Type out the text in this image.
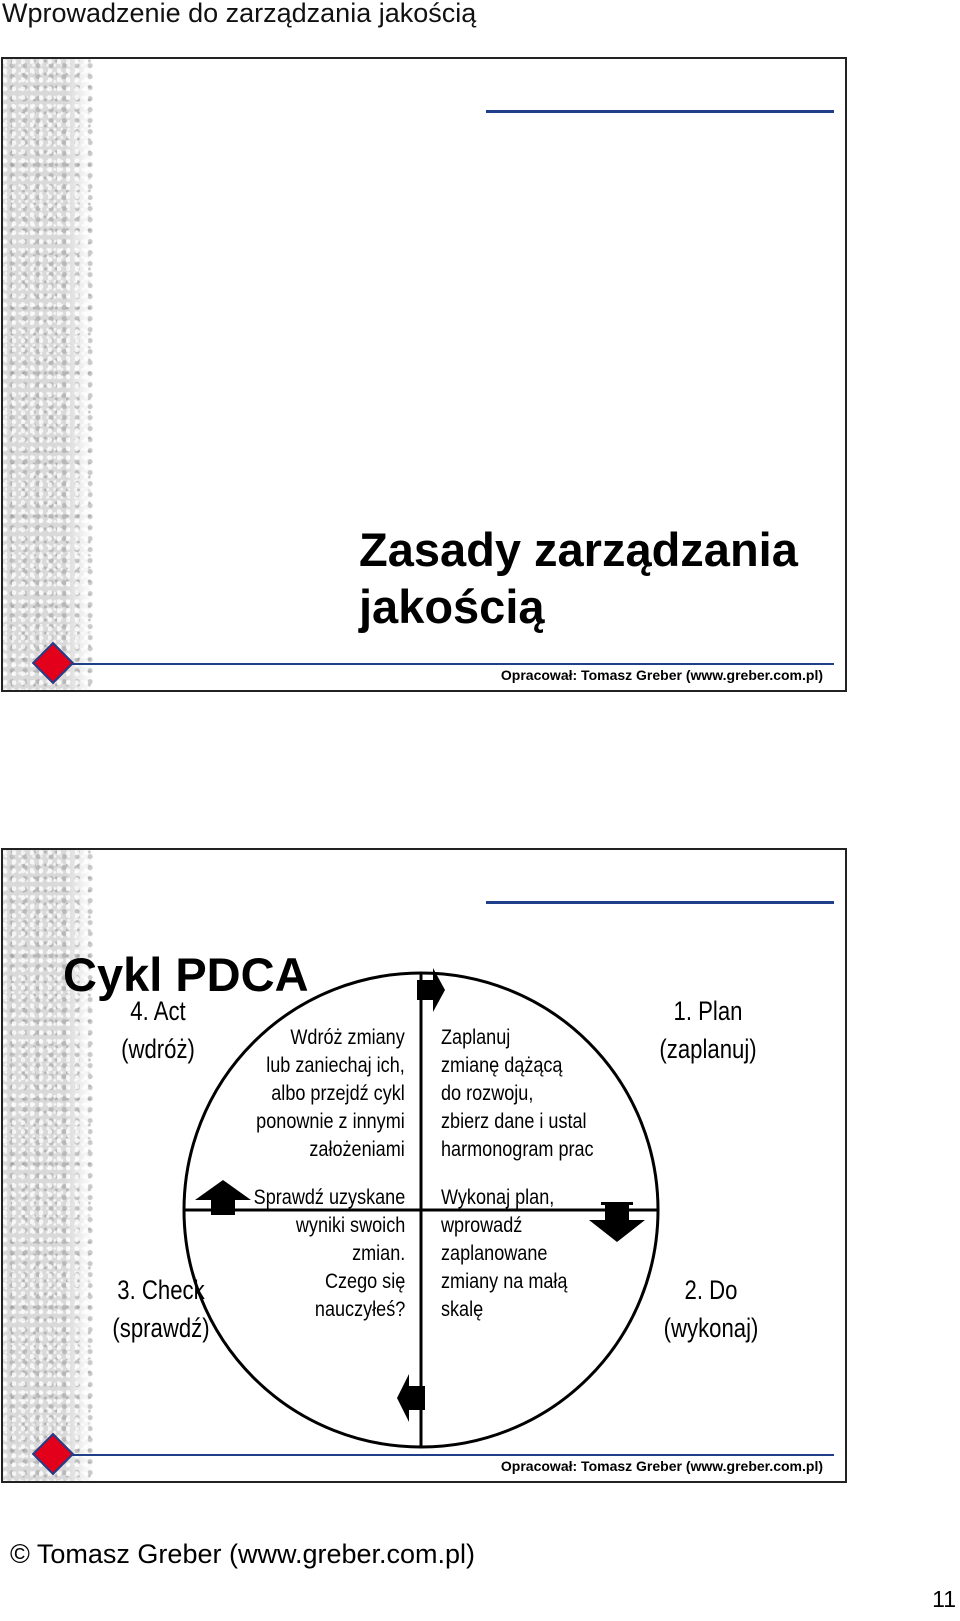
Wprowadzenie do zarządzania jakością
Zasady zarządzania
jakością
Opracował: Tomasz Greber (www.greber.com.pl)
Cykl PDCA
4. Act
(wdróż)
1. Plan
(zaplanuj)
3. Check
(sprawdź)
2. Do
(wykonaj)
Wdróż zmiany
lub zaniechaj ich,
albo przejdź cykl
ponownie z innymi
założeniami
Zaplanuj
zmianę dążącą
do rozwoju,
zbierz dane i ustal
harmonogram prac
Sprawdź uzyskane
wyniki swoich
zmian.
Czego się
nauczyłeś?
Wykonaj plan,
wprowadź
zaplanowane
zmiany na małą
skalę
Opracował: Tomasz Greber (www.greber.com.pl)
© Tomasz Greber (www.greber.com.pl)
11
